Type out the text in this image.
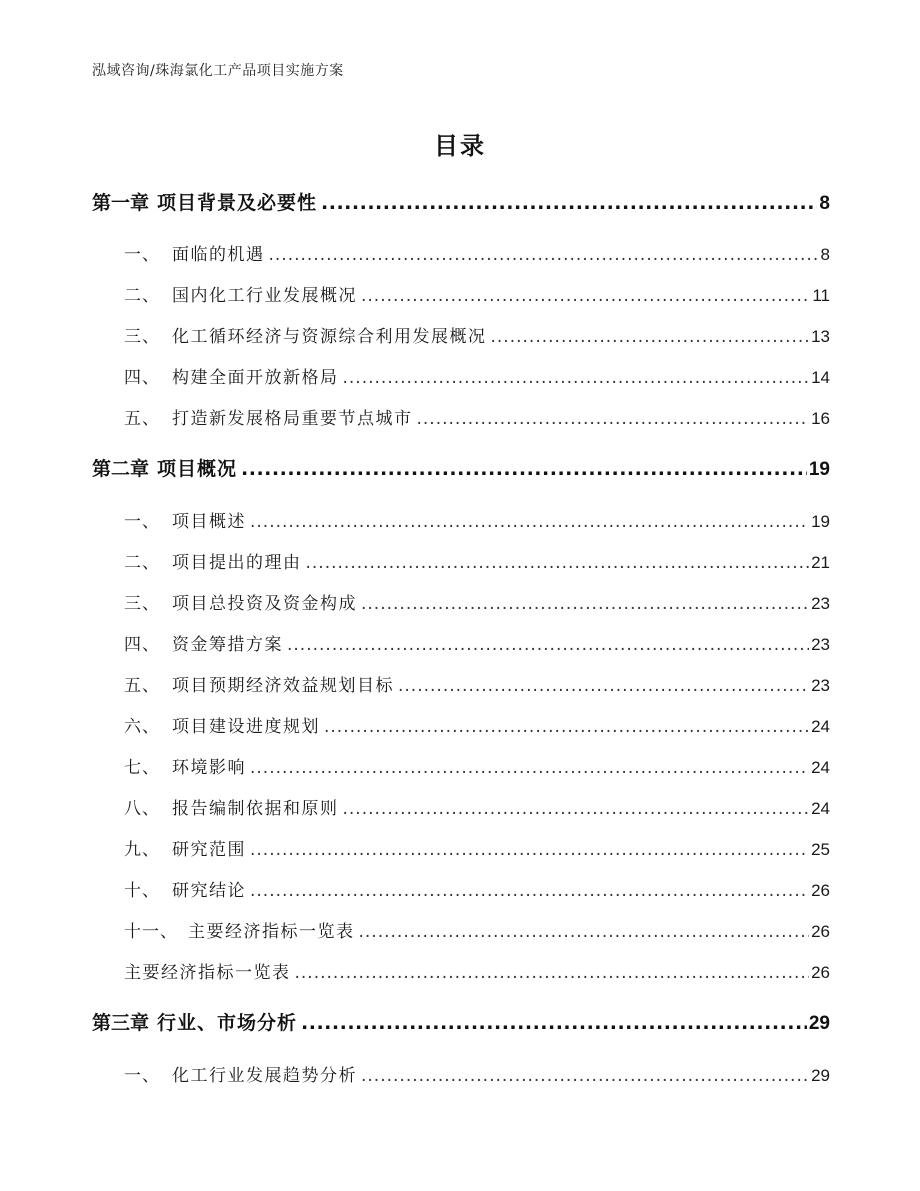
泓域咨询/珠海氯化工产品项目实施方案
目录
第一章 项目背景及必要性 .....	8
一、 面临的机遇 .....	8
二、 国内化工行业发展概况 .....	11
三、 化工循环经济与资源综合利用发展概况 .....	13
四、 构建全面开放新格局 .....	14
五、 打造新发展格局重要节点城市 .....	16
第二章 项目概况 .....	19
一、 项目概述 .....	19
二、 项目提出的理由 .....	21
三、 项目总投资及资金构成 .....	23
四、 资金筹措方案 .....	23
五、 项目预期经济效益规划目标 .....	23
六、 项目建设进度规划 .....	24
七、 环境影响 .....	24
八、 报告编制依据和原则 .....	24
九、 研究范围 .....	25
十、 研究结论 .....	26
十一、 主要经济指标一览表 .....	26
主要经济指标一览表 .....	26
第三章 行业、市场分析 .....	29
一、 化工行业发展趋势分析 .....	29
